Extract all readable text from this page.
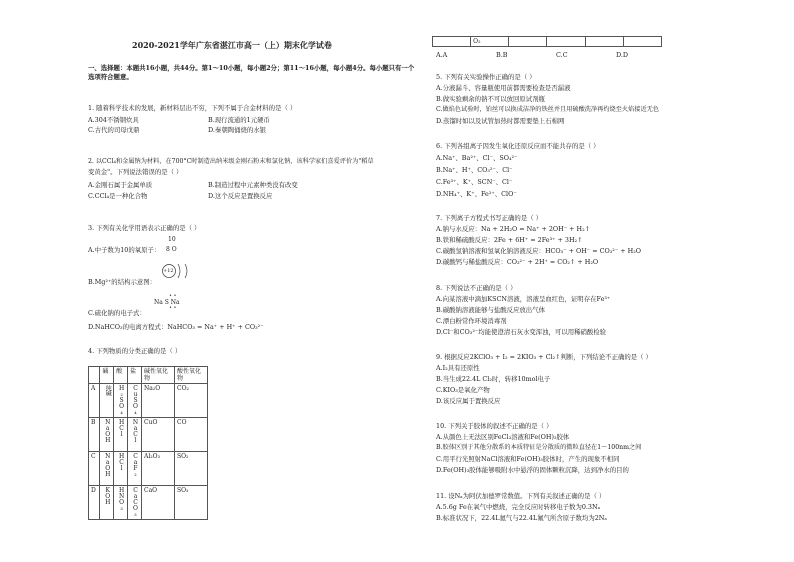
2020-2021学年广东省湛江市高一（上）期末化学试卷
一、选择题：本题共16小题，共44分。第1～10小题，每小题2分；第11～16小题，每小题4分。每小题只有一个选项符合题意。
1. 随着科学技术的发展，新材料层出不穷，下列不属于合金材料的是（ ）
A.304不锈钢炊具	B.现行流通的1元硬币
C.古代的司母戊鼎	D.秦朝陶俑烧的水银
2. 以CCl₄和金属钠为材料，在700°C时制造出纳米级金刚石粉末和氯化钠，该科学家们喜爱评价为"稻草
变黄金"。下列说法错误的是（ ）
A.金刚石属于金属单质	B.制造过程中元素种类没有改变
C.CCl₄是一种化合物	D.这个反应是置换反应
3. 下列有关化学用语表示正确的是（ ）
10
A.中子数为10的氧原子： 8 O
+12
B.Mg²⁺的结构示意图：
• •
Na S Na
• •
C.硫化钠的电子式：
D.NaHCO₃的电离方程式：NaHCO₃ = Na⁺ + H⁺ + CO₃²⁻
4. 下列物质的分类正确的是（ ）
	碱	酸	盐	碱性氧化物	酸性氧化物
A	纯碱	H₂SO₄	CuSO₄	Na₂O	CO₂
B	NaOH	HCl	NaCl	CuO	CO
C	NaOH	HCl	CaF₂	Al₂O₃	SO₂
D	KOH	HNO₃	CaCO₃	CaO	SO₃
	O₂				
A.A	B.B	C.C	D.D
5. 下列有关实验操作正确的是（ ）
A.分液漏斗、容量瓶使用前都需要检查是否漏液
B.做实验剩余的钠不可以放回原试剂瓶
C.做焰色试验时，铂丝可以换成洁净的铁丝并且用硫酸洗净再灼烧至火焰接近无色
D.蒸馏时如以及试管加热时都需要垫上石棉网
6. 下列各组离子因发生氧化还原反应而不能共存的是（ ）
A.Na⁺、Ba²⁺、Cl⁻、SO₄²⁻
B.Na⁺、H⁺、CO₃²⁻、Cl⁻
C.Fe³⁺、K⁺、SCN⁻、Cl⁻
D.NH₄⁺、K⁺、Fe²⁺、ClO⁻
7. 下列离子方程式书写正确的是（ ）
A.钠与水反应：Na + 2H₂O = Na⁺ + 2OH⁻ + H₂↑
B.铁和稀硫酸反应：2Fe + 6H⁺ = 2Fe³⁺ + 3H₂↑
C.碳酸氢钠溶液和氢氧化钠溶液反应：HCO₃⁻ + OH⁻ = CO₃²⁻ + H₂O
D.碳酸钙与稀盐酸反应：CO₃²⁻ + 2H⁺ = CO₂↑ + H₂O
8. 下列说法不正确的是（ ）
A.向某溶液中滴加KSCN溶液，溶液呈血红色，证明存在Fe³⁺
B.碳酸钠溶液能够与盐酸反应放出气体
C.漂白粉常作环境消毒剂
D.Cl⁻和CO₃²⁻均能使澄清石灰水变浑浊，可以用稀硝酸检验
9. 根据反应2KClO₃ + I₂ = 2KIO₃ + Cl₂↑判断，下列结论不正确的是（ ）
A.I₂具有还原性
B.当生成22.4L Cl₂时，转移10mol电子
C.KIO₃是氧化产物
D.该反应属于置换反应
10. 下列关于胶体的叙述不正确的是（ ）
A.从颜色上无法区别FeCl₃溶液和Fe(OH)₃胶体
B.胶体区别于其他分散系的本质特征是分散质的微粒直径在1～100nm之间
C.用平行光照射NaCl溶液和Fe(OH)₃胶体时，产生的现象不相同
D.Fe(OH)₃胶体能够吸附水中悬浮的固体颗粒沉降，达到净水的目的
11. 设Nₐ为阿伏加德罗常数值。下列有关叙述正确的是（ ）
A.5.6g Fe在氧气中燃烧，完全反应时转移电子数为0.3Nₐ
B.标准状况下，22.4L氦气与22.4L氟气所含原子数均为2Nₐ
